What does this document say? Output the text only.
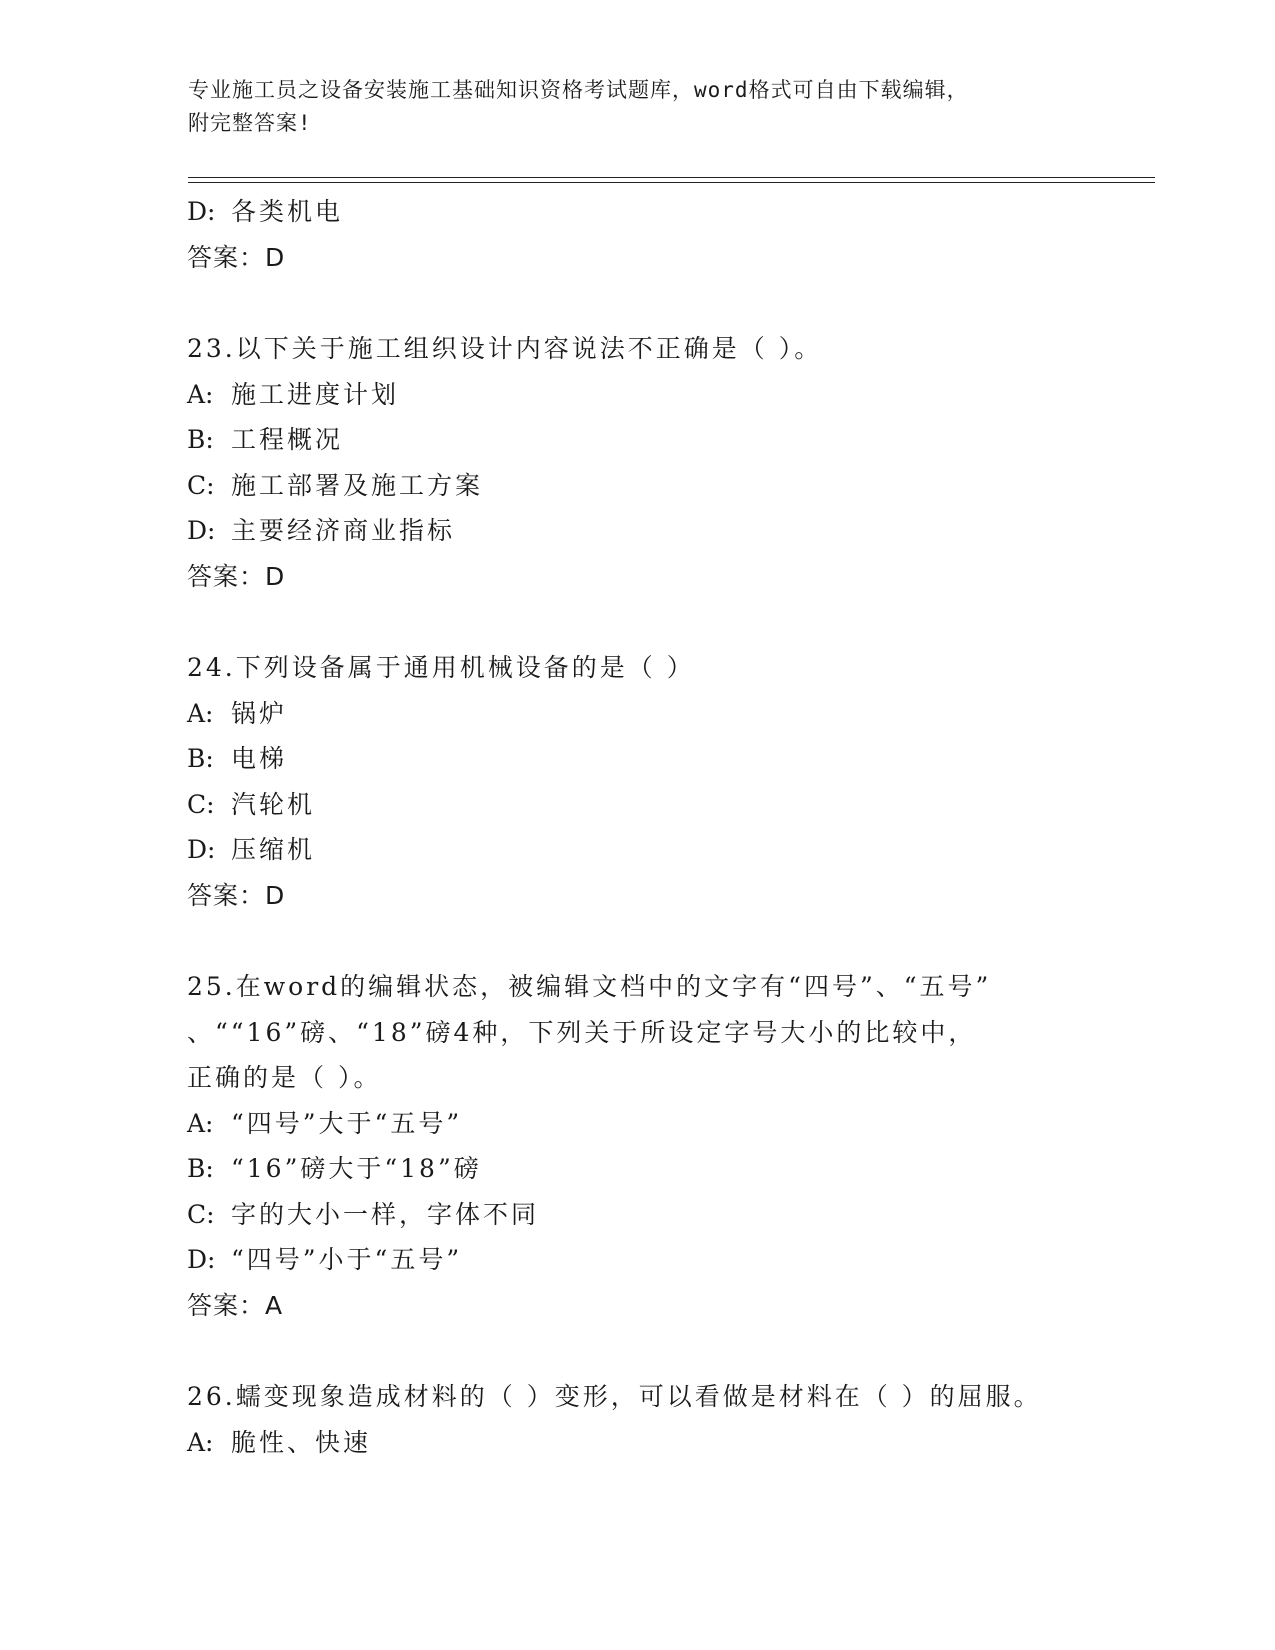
专业施工员之设备安装施工基础知识资格考试题库，word格式可自由下载编辑，
附完整答案!
D: 各类机电
答案：D
23.以下关于施工组织设计内容说法不正确是（ ）。
A: 施工进度计划
B: 工程概况
C: 施工部署及施工方案
D: 主要经济商业指标
答案：D
24.下列设备属于通用机械设备的是（ ）
A: 锅炉
B: 电梯
C: 汽轮机
D: 压缩机
答案：D
25.在word的编辑状态，被编辑文档中的文字有“四号”、“五号”
、““16”磅、“18”磅4种，下列关于所设定字号大小的比较中，
正确的是（ ）。
A: “四号”大于“五号”
B: “16”磅大于“18”磅
C: 字的大小一样，字体不同
D: “四号”小于“五号”
答案：A
26.蠕变现象造成材料的（ ）变形，可以看做是材料在（ ）的屈服。
A: 脆性、快速
